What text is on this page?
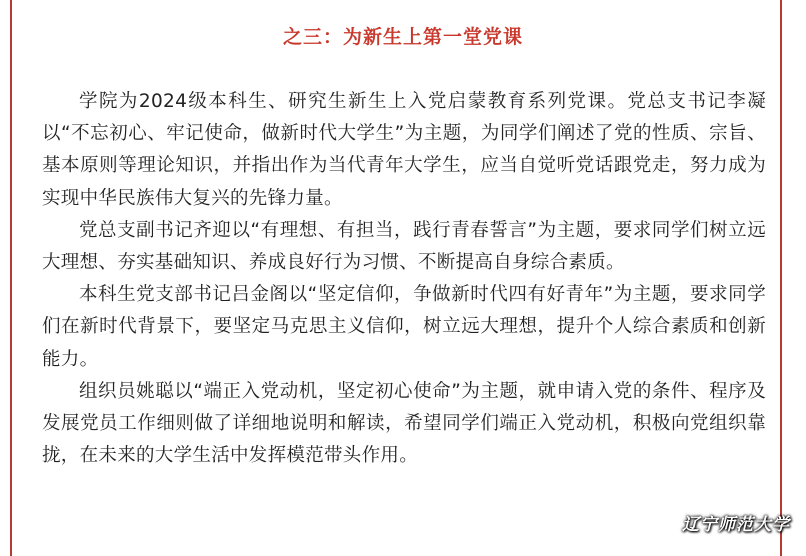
之三：为新生上第一堂党课

学院为2024级本科生、研究生新生上入党启蒙教育系列党课。党总支书记李凝以“不忘初心、牢记使命，做新时代大学生”为主题，为同学们阐述了党的性质、宗旨、基本原则等理论知识，并指出作为当代青年大学生，应当自觉听党话跟党走，努力成为实现中华民族伟大复兴的先锋力量。

党总支副书记齐迎以“有理想、有担当，践行青春誓言”为主题，要求同学们树立远大理想、夯实基础知识、养成良好行为习惯、不断提高自身综合素质。

本科生党支部书记吕金阁以“坚定信仰，争做新时代四有好青年”为主题，要求同学们在新时代背景下，要坚定马克思主义信仰，树立远大理想，提升个人综合素质和创新能力。

组织员姚聪以“端正入党动机，坚定初心使命”为主题，就申请入党的条件、程序及发展党员工作细则做了详细地说明和解读，希望同学们端正入党动机，积极向党组织靠拢，在未来的大学生活中发挥模范带头作用。

辽宁师范大学
